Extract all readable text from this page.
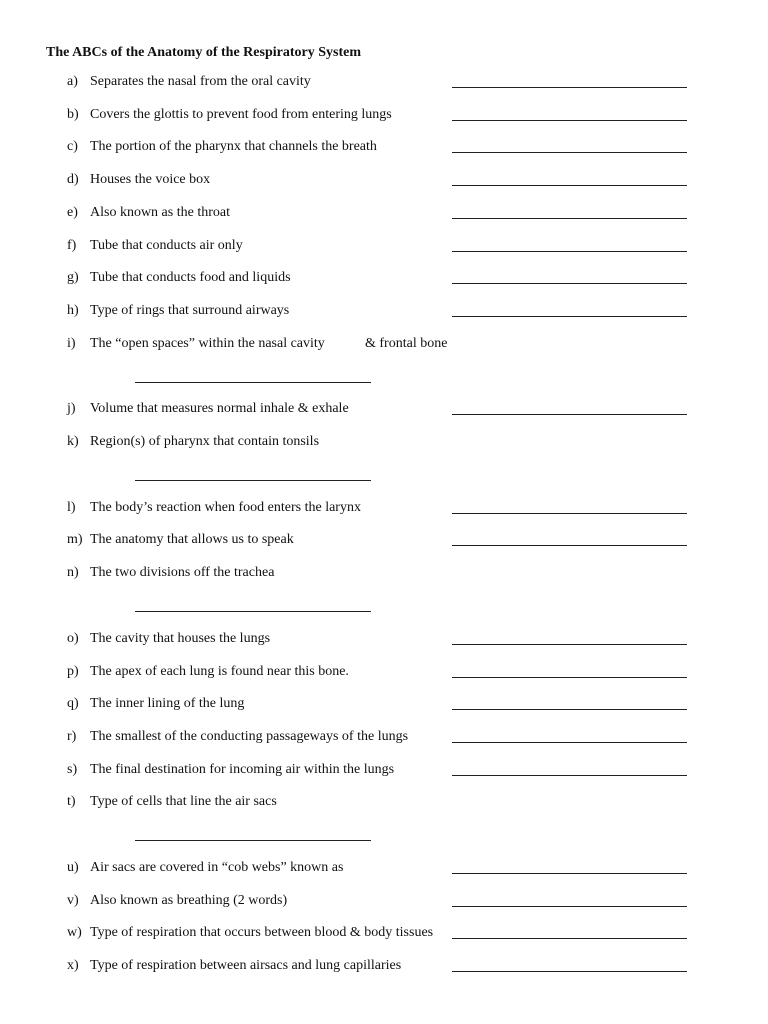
The ABCs of the Anatomy of the Respiratory System
a) Separates the nasal from the oral cavity
b) Covers the glottis to prevent food from entering lungs
c) The portion of the pharynx that channels the breath
d) Houses the voice box
e) Also known as the throat
f) Tube that conducts air only
g) Tube that conducts food and liquids
h) Type of rings that surround airways
i) The “open spaces” within the nasal cavity	& frontal bone
j) Volume that measures normal inhale & exhale
k) Region(s) of pharynx that contain tonsils
l) The body’s reaction when food enters the larynx
m) The anatomy that allows us to speak
n) The two divisions off the trachea
o) The cavity that houses the lungs
p) The apex of each lung is found near this bone.
q) The inner lining of the lung
r) The smallest of the conducting passageways of the lungs
s) The final destination for incoming air within the lungs
t) Type of cells that line the air sacs
u) Air sacs are covered in “cob webs” known as
v) Also known as breathing (2 words)
w) Type of respiration that occurs between blood & body tissues
x) Type of respiration between airsacs and lung capillaries
